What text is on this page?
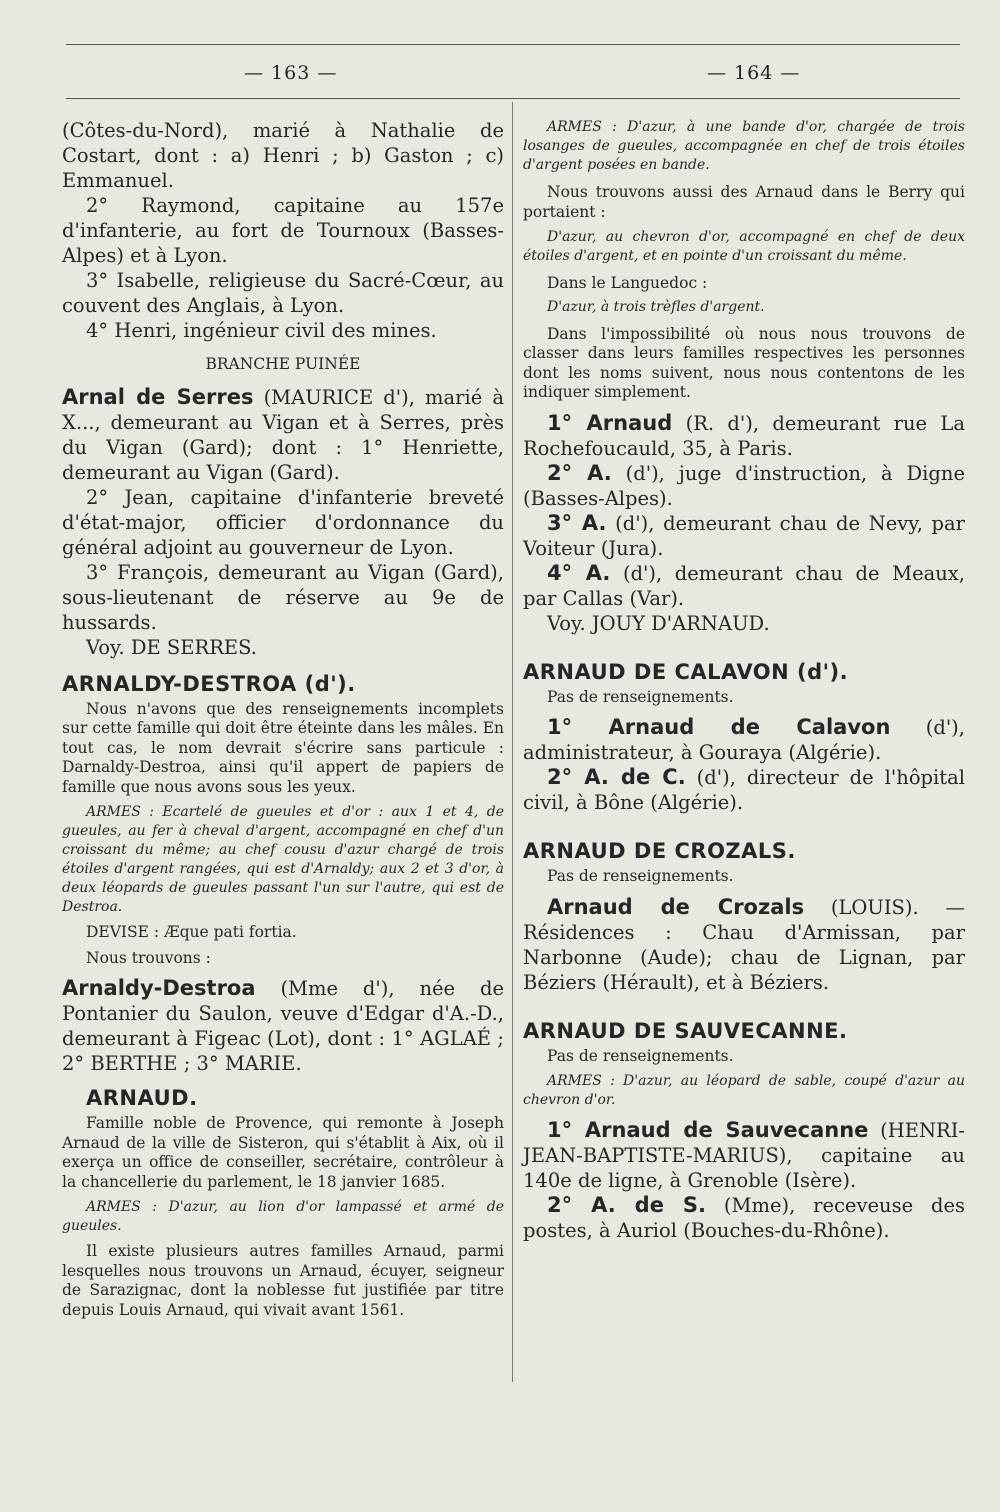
— 163 —	— 164 —

(Côtes-du-Nord), marié à Nathalie de Costart, dont : a) Henri ; b) Gaston ; c) Emmanuel.

2° Raymond, capitaine au 157e d'infanterie, au fort de Tournoux (Basses-Alpes) et à Lyon.

3° Isabelle, religieuse du Sacré-Cœur, au couvent des Anglais, à Lyon.

4° Henri, ingénieur civil des mines.

BRANCHE PUINÉE

Arnal de Serres (MAURICE d'), marié à X..., demeurant au Vigan et à Serres, près du Vigan (Gard); dont : 1° Henriette, demeurant au Vigan (Gard).

2° Jean, capitaine d'infanterie breveté d'état-major, officier d'ordonnance du général adjoint au gouverneur de Lyon.

3° François, demeurant au Vigan (Gard), sous-lieutenant de réserve au 9e de hussards.

Voy. DE SERRES.

ARNALDY-DESTROA (d').

Nous n'avons que des renseignements incomplets sur cette famille qui doit être éteinte dans les mâles. En tout cas, le nom devrait s'écrire sans particule : Darnaldy-Destroa, ainsi qu'il appert de papiers de famille que nous avons sous les yeux.

ARMES : Ecartelé de gueules et d'or : aux 1 et 4, de gueules, au fer à cheval d'argent, accompagné en chef d'un croissant du même; au chef cousu d'azur chargé de trois étoiles d'argent rangées, qui est d'Arnaldy; aux 2 et 3 d'or, à deux léopards de gueules passant l'un sur l'autre, qui est de Destroa.

DEVISE : Æque pati fortia.

Nous trouvons :

Arnaldy-Destroa (Mme d'), née de Pontanier du Saulon, veuve d'Edgar d'A.-D., demeurant à Figeac (Lot), dont : 1° AGLAÉ ; 2° BERTHE ; 3° MARIE.

ARNAUD.

Famille noble de Provence, qui remonte à Joseph Arnaud de la ville de Sisteron, qui s'établit à Aix, où il exerça un office de conseiller, secrétaire, contrôleur à la chancellerie du parlement, le 18 janvier 1685.

ARMES : D'azur, au lion d'or lampassé et armé de gueules.

Il existe plusieurs autres familles Arnaud, parmi lesquelles nous trouvons un Arnaud, écuyer, seigneur de Sarazignac, dont la noblesse fut justifiée par titre depuis Louis Arnaud, qui vivait avant 1561.

ARMES : D'azur, à une bande d'or, chargée de trois losanges de gueules, accompagnée en chef de trois étoiles d'argent posées en bande.

Nous trouvons aussi des Arnaud dans le Berry qui portaient :

D'azur, au chevron d'or, accompagné en chef de deux étoiles d'argent, et en pointe d'un croissant du même.

Dans le Languedoc :

D'azur, à trois trèfles d'argent.

Dans l'impossibilité où nous nous trouvons de classer dans leurs familles respectives les personnes dont les noms suivent, nous nous contentons de les indiquer simplement.

1° Arnaud (R. d'), demeurant rue La Rochefoucauld, 35, à Paris.

2° A. (d'), juge d'instruction, à Digne (Basses-Alpes).

3° A. (d'), demeurant chau de Nevy, par Voiteur (Jura).

4° A. (d'), demeurant chau de Meaux, par Callas (Var).

Voy. JOUY D'ARNAUD.

ARNAUD DE CALAVON (d').

Pas de renseignements.

1° Arnaud de Calavon (d'), administrateur, à Gouraya (Algérie).

2° A. de C. (d'), directeur de l'hôpital civil, à Bône (Algérie).

ARNAUD DE CROZALS.

Pas de renseignements.

Arnaud de Crozals (LOUIS). — Résidences : Chau d'Armissan, par Narbonne (Aude); chau de Lignan, par Béziers (Hérault), et à Béziers.

ARNAUD DE SAUVECANNE.

Pas de renseignements.

ARMES : D'azur, au léopard de sable, coupé d'azur au chevron d'or.

1° Arnaud de Sauvecanne (HENRI-JEAN-BAPTISTE-MARIUS), capitaine au 140e de ligne, à Grenoble (Isère).

2° A. de S. (Mme), receveuse des postes, à Auriol (Bouches-du-Rhône).
